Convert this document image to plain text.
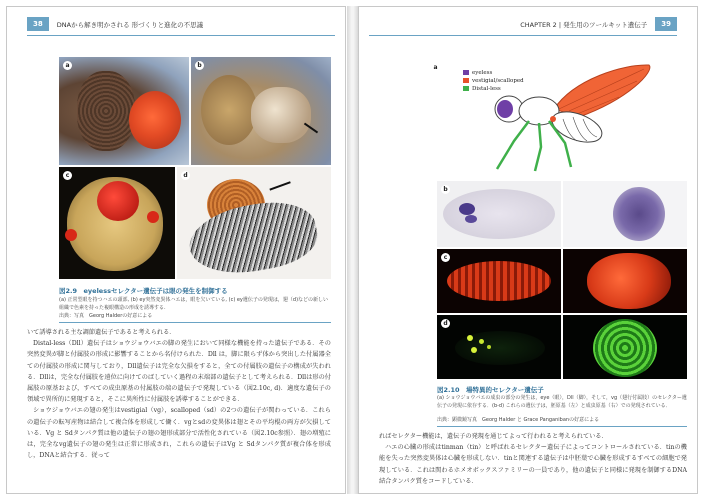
38	DNAから解き明かされる 形づくりと進化の不思議
a	b
c	d
図2.9　eyelessセレクター遺伝子は眼の発生を制御する
(a) 正常型眼を持つハエの頭部, (b) ey突然変異体ハエは，眼を欠いている, (c) ey遺伝子の発現は，翅（d)などの新しい組織で色素を持った複眼構造の形成を誘導する.
出典：写真　Georg Halderの好意による

いて誘導される主な調節遺伝子であると考えられる．

Distal-less（Dll）遺伝子はショウジョウバエの脚の発生において同様な機能を持った遺伝子である．その突然変異が脚と付属肢の形成に影響することから名付けられた．Dll は，脚に限らず体から突出した付属器全ての付属肢の形成に関与しており，Dll遺伝子は完全な欠損をすると，全ての付属肢の遺伝子の構成が失われる．Dllは，完全な付属肢を遠位に向けてのばしていく過程の末端部の遺伝子として考えられる．Dllは形の付属肢の原基および，すべての成虫原基の付属肢の端の遺伝子で発現している（図2.10c, d)．適度な遺伝子の領域で異所的に発現すると，そこに異所性に付属肢を誘導することができる．

ショウジョウバエの翅の発生はvestigial（vg），scalloped（sd）の2つの遺伝子が関わっている．これらの遺伝子の転写産物は結合して複合体を形成して働く．vgとsdの変異体は翅とその平均棍の両方が欠損している．Vg と Sdタンパク質は他の遺伝子の翅の翅形成部分で活性化されている（図2.10c参照）．翅の増殖には，完全なvg遺伝子の翅の発生は正常に形成され，これらの遺伝子はVg と Sdタンパク質が複合体を形成し，DNAと結合する．従って

CHAPTER 2 | 発生用のツールキット遺伝子	39
a
eyeless
vestigial/scalloped
Distal-less
b
c
d
図2.10　場特異的セレクター遺伝子
(a) ショウジョウバエの成虫の部分の発生は，eye（眼），Dll（脚），そして，vg（翅行付属肢）のセレクター遺伝子の発現に依存する．(b-d) これらの遺伝子は，胚原基（左）と成虫原基（右）での発現されている．
出典：顕微鏡写真　Georg Halder と Grace Panganibanの好意による

ればセレクター機能は，遺伝子の発現を通じてよって行われると考えられている．

ハエの心臓の形成はtinman（tin）と呼ばれるセレクター遺伝子によってコントロールされている．tinの機能を失った突然変異体は心臓を形成しない．tinと関連する遺伝子は中胚葉で心臓を形成するすべての細胞で発現している．これは関わるホメオボックスファミリーの一員であり，他の遺伝子と同様に発現を制御するDNA結合タンパク質をコードしている．
